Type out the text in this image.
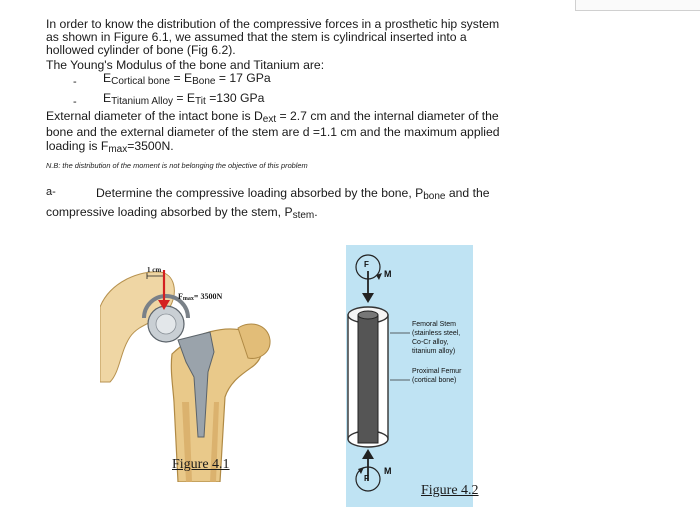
In order to know the distribution of the compressive forces in a prosthetic hip system
as shown in Figure 6.1, we assumed that the stem is cylindrical inserted into a
hollowed cylinder of bone (Fig 6.2).
The Young's Modulus of the bone and Titanium are:
- $E_{Cortical bone} = E_{Bone} = 17$ GPa
- $E_{Titanium Alloy} = E_{Tit} =130$ GPa
External diameter of the intact bone is $D_{ext} = 2.7$ cm and the internal diameter of the
bone and the external diameter of the stem are d =1.1 cm and the maximum applied
loading is $F_{max}=3500N$.
N.B: the distribution of the moment is not belonging the objective of this problem
a-	Determine the compressive loading absorbed by the bone, $P_{bone}$ and the
compressive loading absorbed by the stem, $P_{stem}$.
1 cm
Fmax= 3500N
Figure 4.1
F
M
F
M
Femoral Stem
(stainless steel,
Co-Cr alloy,
titanium alloy)
Proximal Femur
(cortical bone)
Figure 4.2
